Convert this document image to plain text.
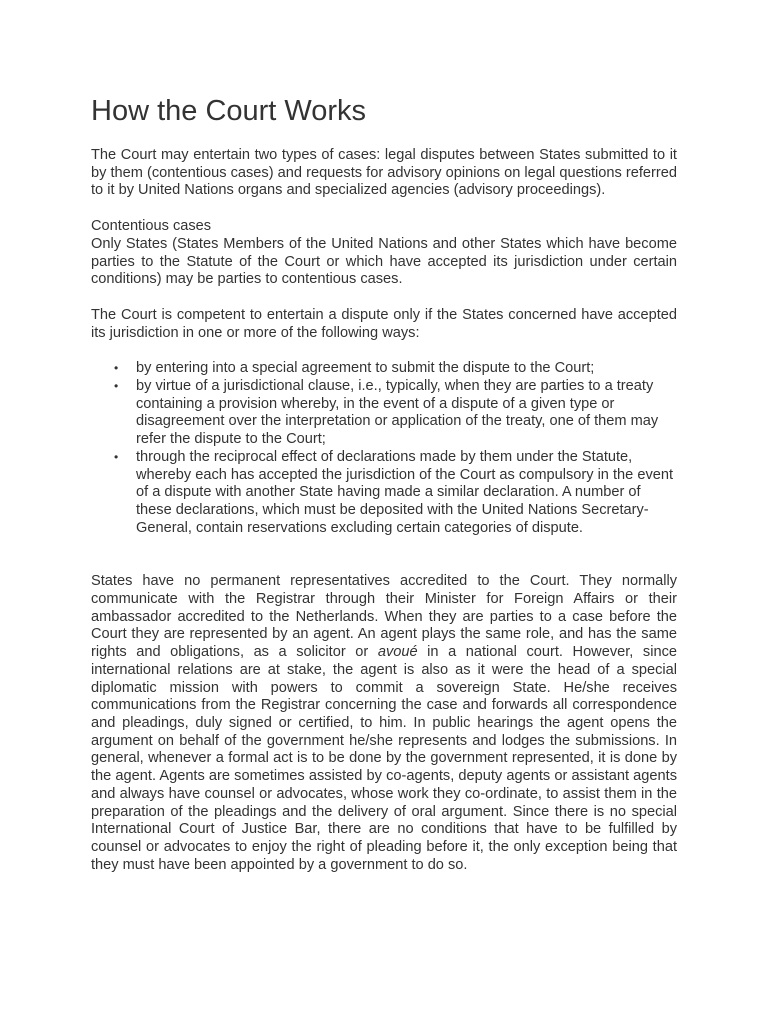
How the Court Works

The Court may entertain two types of cases: legal disputes between States submitted to it by them (contentious cases) and requests for advisory opinions on legal questions referred to it by United Nations organs and specialized agencies (advisory proceedings).

Contentious cases

Only States (States Members of the United Nations and other States which have become parties to the Statute of the Court or which have accepted its jurisdiction under certain conditions) may be parties to contentious cases.

The Court is competent to entertain a dispute only if the States concerned have accepted its jurisdiction in one or more of the following ways:

• by entering into a special agreement to submit the dispute to the Court;
• by virtue of a jurisdictional clause, i.e., typically, when they are parties to a treaty containing a provision whereby, in the event of a dispute of a given type or disagreement over the interpretation or application of the treaty, one of them may refer the dispute to the Court;
• through the reciprocal effect of declarations made by them under the Statute, whereby each has accepted the jurisdiction of the Court as compulsory in the event of a dispute with another State having made a similar declaration. A number of these declarations, which must be deposited with the United Nations Secretary-General, contain reservations excluding certain categories of dispute.

States have no permanent representatives accredited to the Court. They normally communicate with the Registrar through their Minister for Foreign Affairs or their ambassador accredited to the Netherlands. When they are parties to a case before the Court they are represented by an agent. An agent plays the same role, and has the same rights and obligations, as a solicitor or avoué in a national court. However, since international relations are at stake, the agent is also as it were the head of a special diplomatic mission with powers to commit a sovereign State. He/she receives communications from the Registrar concerning the case and forwards all correspondence and pleadings, duly signed or certified, to him. In public hearings the agent opens the argument on behalf of the government he/she represents and lodges the submissions. In general, whenever a formal act is to be done by the government represented, it is done by the agent. Agents are sometimes assisted by co-agents, deputy agents or assistant agents and always have counsel or advocates, whose work they co-ordinate, to assist them in the preparation of the pleadings and the delivery of oral argument. Since there is no special International Court of Justice Bar, there are no conditions that have to be fulfilled by counsel or advocates to enjoy the right of pleading before it, the only exception being that they must have been appointed by a government to do so.
